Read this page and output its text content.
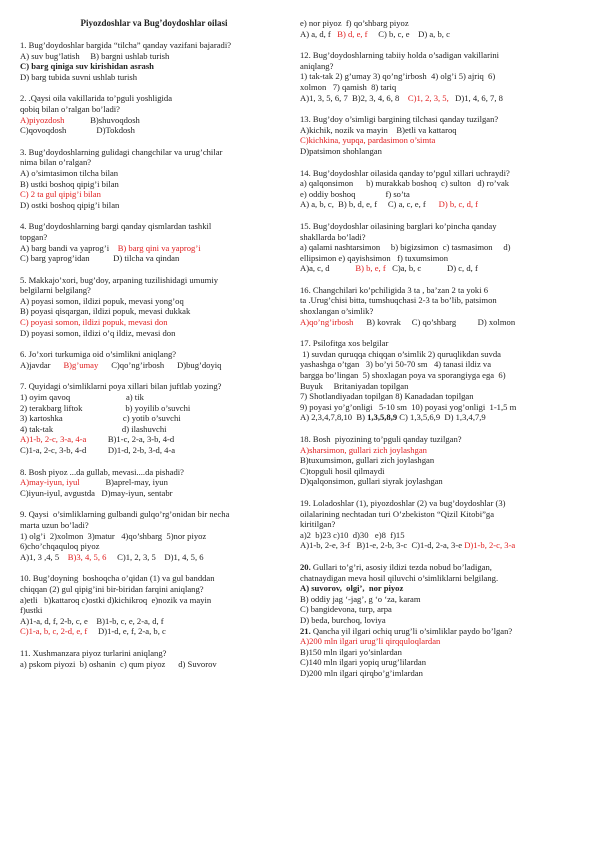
Piyozdoshlar va Bug’doydoshlar oilasi
1. Bug’doydoshlar bargida “tilcha” qanday vazifani bajaradi?
A) suv bug’latish     B) bargni ushlab turish
C) barg qiniga suv kirishidan asrash
D) barg tubida suvni ushlab turish
2. .Qaysi oila vakillarida to’pguli yoshligida
qobiq bilan o’ralgan bo’ladi?
A)piyozdosh            B)shuvoqdosh
C)qovoqdosh              D)Tokdosh
3. Bug’doydoshlarning gulidagi changchilar va urug’chilar
nima bilan o’ralgan?
A) o’simtasimon tilcha bilan
B) ustki boshoq qipig’i bilan
C) 2 ta gul qipig’i bilan
D) ostki boshoq qipig’i bilan
4. Bug’doydoshlarning bargi qanday qismlardan tashkil
topgan?
A) barg bandi va yaprog’i    B) barg qini va yaprog’i
C) barg yaprog’idan           D) tilcha va qindan
5. Makkajo’xori, bug’doy, arpaning tuzilishidagi umumiy
belgilarni belgilang?
A) poyasi somon, ildizi popuk, mevasi yong’oq
B) poyasi qisqargan, ildizi popuk, mevasi dukkak
C) poyasi somon, ildizi popuk, mevasi don
D) poyasi somon, ildizi o’q ildiz, mevasi don
6. Jo’xori turkumiga oid o’simlikni aniqlang?
A)javdar      B)g’umay      C)qo’ng’irbosh      D)bug’doyiq
7. Quyidagi o’simliklarni poya xillari bilan juftlab yozing?
1) oyim qavoq                          a) tik
2) terakbarg liftok                    b) yoyilib o’suvchi
3) kartoshka                            c) yotib o’suvchi
4) tak-tak                                d) ilashuvchi
A)1-b, 2-c, 3-a, 4-a          B)1-c, 2-a, 3-b, 4-d
C)1-a, 2-c, 3-b, 4-d          D)1-d, 2-b, 3-d, 4-a
8. Bosh piyoz ...da gullab, mevasi....da pishadi?
A)may-iyun, iyul            B)aprel-may, iyun
C)iyun-iyul, avgustda   D)may-iyun, sentabr
9. Qaysi  o’simliklarning gulbandi gulqo’rg’onidan bir necha
marta uzun bo’ladi?
1) olg’i  2)xolmon  3)matur   4)qo’shbarg  5)nor piyoz
6)cho’chqaquloq piyoz
A)1, 3 ,4, 5    B)3, 4, 5, 6     C)1, 2, 3, 5    D)1, 4, 5, 6
10. Bug’doyning  boshoqcha o’qidan (1) va gul banddan
chiqqan (2) gul qipig’ini bir-biridan farqini aniqlang?
a)etli   b)kattaroq c)ostki d)kichikroq  e)nozik va mayin
f)ustki
A)1-a, d, f, 2-b, c, e    B)1-b, c, e, 2-a, d, f
C)1-a, b, c, 2-d, e, f     D)1-d, e, f, 2-a, b, c
11. Xushmanzara piyoz turlarini aniqlang?
a) pskom piyozi  b) oshanin  c) qum piyoz      d) Suvorov
e) nor piyoz  f) qo’shbarg piyoz
A) a, d, f   B) d, e, f     C) b, c, e    D) a, b, c
12. Bug’doydoshlarning tabiiy holda o’sadigan vakillarini
aniqlang?
1) tak-tak 2) g’umay 3) qo’ng’irbosh  4) olg’i 5) ajriq  6)
xolmon   7) qamish  8) tariq
A)1, 3, 5, 6, 7  B)2, 3, 4, 6, 8    C)1, 2, 3, 5,   D)1, 4, 6, 7, 8
13. Bug’doy o’simligi bargining tilchasi qanday tuzilgan?
A)kichik, nozik va mayin    B)etli va kattaroq
C)kichkina, yupqa, pardasimon o’simta
D)patsimon shohlangan
14. Bug’doydoshlar oilasida qanday to’pgul xillari uchraydi?
a) qalqonsimon      b) murakkab boshoq  c) sulton   d) ro’vak
e) oddiy boshoq              f) so’ta
A) a, b, c,  B) b, d, e, f     C) a, c, e, f      D) b, c, d, f
15. Bug’doydoshlar oilasining barglari ko’pincha qanday
shakllarda bo’ladi?
a) qalami nashtarsimon     b) bigizsimon  c) tasmasimon     d)
ellipsimon e) qayishsimon   f) tuxumsimon
A)a, c, d            B) b, e, f   C)a, b, c            D) c, d, f
16. Changchilari ko’pchiligida 3 ta , ba’zan 2 ta yoki 6
ta .Urug’chisi bitta, tumshuqchasi 2-3 ta bo’lib, patsimon
shoxlangan o’simlik?
A)qo’ng’irbosh      B) kovrak     C) qo’shbarg          D) xolmon
17. Psilofitga xos belgilar
1) suvdan quruqqa chiqqan o’simlik 2) quruqlikdan suvda
yashashga o’tgan   3) bo’yi 50-70 sm   4) tanasi ildiz va
bargga bo’lingan  5) shoxlagan poya va sporangiyga ega  6)
Buyuk     Britaniyadan topilgan
7) Shotlandiyadan topilgan 8) Kanadadan topilgan
9) poyasi yo’g’onligi   5-10 sm  10) poyasi yog’onligi  1-1,5 m
A) 2,3,4,7,8,10  B) 1,3,5,8,9 C) 1,3,5,6,9  D) 1,3,4,7,9
18. Bosh  piyozining to’pguli qanday tuzilgan?
A)sharsimon, gullari zich joylashgan
B)tuxumsimon, gullari zich joylashgan
C)topguli hosil qilmaydi
D)qalqonsimon, gullari siyrak joylashgan
19. Loladoshlar (1), piyozdoshlar (2) va bug’doydoshlar (3)
oilalarining nechtadan turi O’zbekiston “Qizil Kitobi”ga
kiritilgan?
a)2  b)23 c)10  d)30   e)8  f)15
A)1-b, 2-e, 3-f   B)1-e, 2-b, 3-c  C)1-d, 2-a, 3-e D)1-b, 2-c, 3-a
20. Gullari to’g’ri, asosiy ildizi tezda nobud bo’ladigan,
chatnaydigan meva hosil qiluvchi o’simliklarni belgilang.
A) suvorov,  olgi’,  nor piyoz
B) oddiy jag ‘-jag’, g ‘o ‘za, karam
C) bangidevona, turp, arpa
D) beda, burchoq, loviya
21. Qancha yil ilgari ochiq urug’li o’simliklar paydo bo’lgan?
A)200 mln ilgari urug’li qirqquloqlardan
B)150 mln ilgari yo’sinlardan
C)140 mln ilgari yopiq urug’lilardan
D)200 mln ilgari qirqbo’g’imlardan
